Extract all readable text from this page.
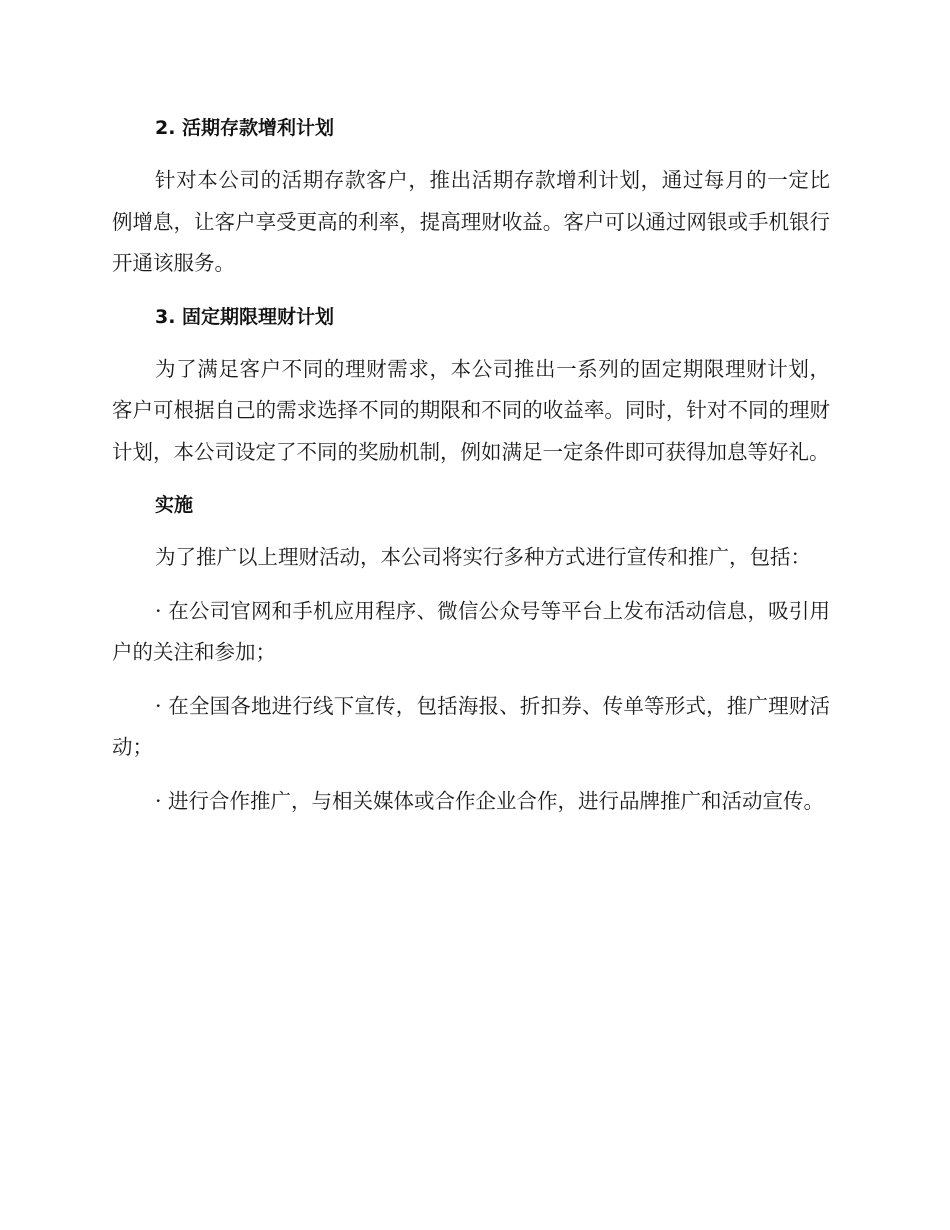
2. 活期存款增利计划

针对本公司的活期存款客户，推出活期存款增利计划，通过每月的一定比例增息，让客户享受更高的利率，提高理财收益。客户可以通过网银或手机银行开通该服务。

3. 固定期限理财计划

为了满足客户不同的理财需求，本公司推出一系列的固定期限理财计划，客户可根据自己的需求选择不同的期限和不同的收益率。同时，针对不同的理财计划，本公司设定了不同的奖励机制，例如满足一定条件即可获得加息等好礼。

实施

为了推广以上理财活动，本公司将实行多种方式进行宣传和推广，包括：

· 在公司官网和手机应用程序、微信公众号等平台上发布活动信息，吸引用户的关注和参加；

· 在全国各地进行线下宣传，包括海报、折扣券、传单等形式，推广理财活动；

· 进行合作推广，与相关媒体或合作企业合作，进行品牌推广和活动宣传。
